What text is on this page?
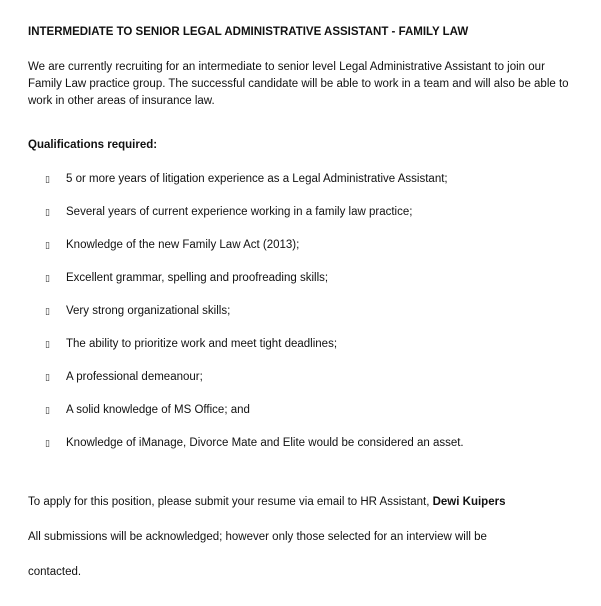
INTERMEDIATE TO SENIOR LEGAL ADMINISTRATIVE ASSISTANT - FAMILY LAW

We are currently recruiting for an intermediate to senior level Legal Administrative Assistant to join our Family Law practice group. The successful candidate will be able to work in a team and will also be able to work in other areas of insurance law.

Qualifications required:
▯ 5 or more years of litigation experience as a Legal Administrative Assistant;
▯ Several years of current experience working in a family law practice;
▯ Knowledge of the new Family Law Act (2013);
▯ Excellent grammar, spelling and proofreading skills;
▯ Very strong organizational skills;
▯ The ability to prioritize work and meet tight deadlines;
▯ A professional demeanour;
▯ A solid knowledge of MS Office; and
▯ Knowledge of iManage, Divorce Mate and Elite would be considered an asset.
To apply for this position, please submit your resume via email to HR Assistant, Dewi Kuipers
All submissions will be acknowledged; however only those selected for an interview will be
contacted.
